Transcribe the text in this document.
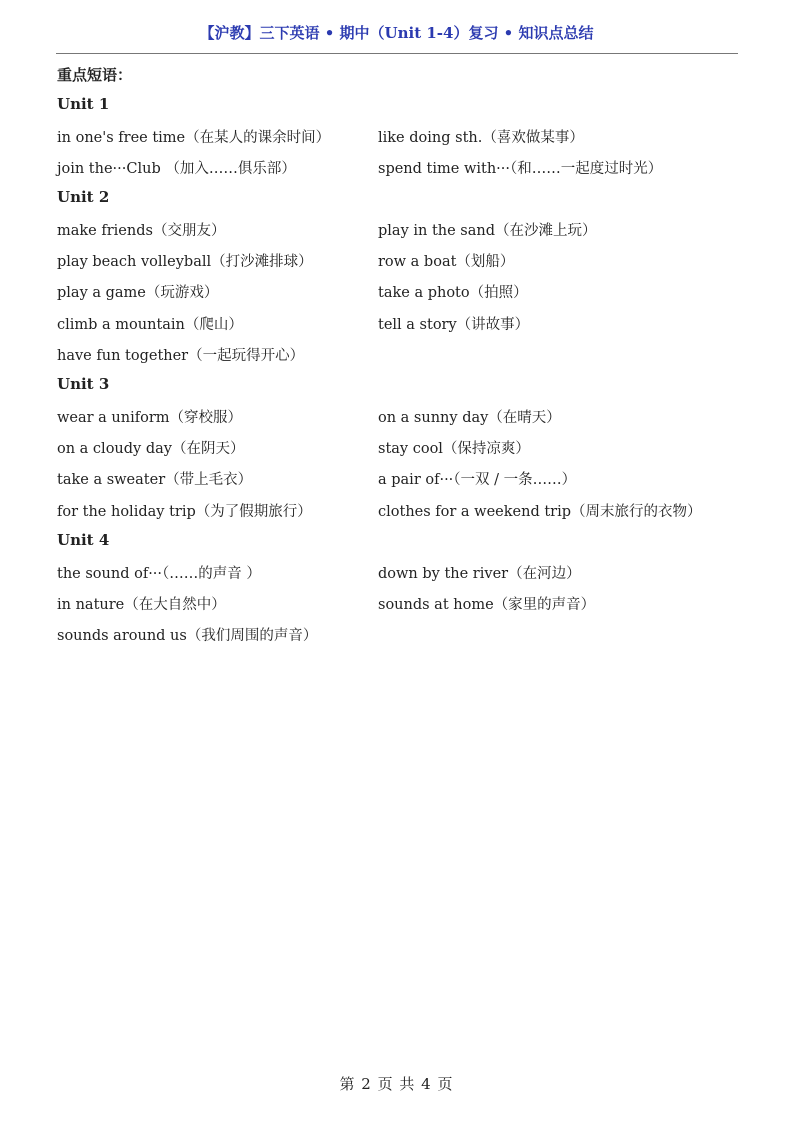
【沪教】三下英语 • 期中（Unit 1-4）复习 • 知识点总结
重点短语：
Unit 1
in one's free time（在某人的课余时间）	like doing sth.（喜欢做某事）
join the···Club （加入……俱乐部）	spend time with···（和……一起度过时光）
Unit 2
make friends（交朋友）	play in the sand（在沙滩上玩）
play beach volleyball（打沙滩排球）	row a boat（划船）
play a game（玩游戏）	take a photo（拍照）
climb a mountain（爬山）	tell a story（讲故事）
have fun together（一起玩得开心）
Unit 3
wear a uniform（穿校服）	on a sunny day（在晴天）
on a cloudy day（在阴天）	stay cool（保持凉爽）
take a sweater（带上毛衣）	a pair of···（一双 / 一条……）
for the holiday trip（为了假期旅行）	clothes for a weekend trip（周末旅行的衣物）
Unit 4
the sound of···（……的声音 ）	down by the river（在河边）
in nature（在大自然中）	sounds at home（家里的声音）
sounds around us（我们周围的声音）
第 2 页 共 4 页
